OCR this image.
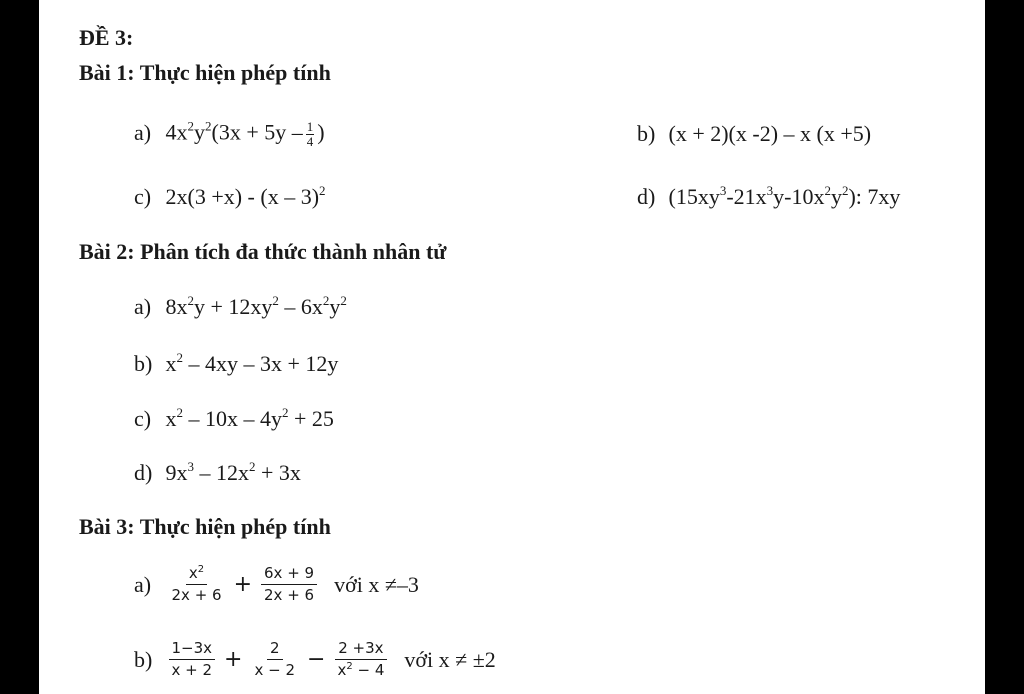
ĐỀ 3:
Bài 1: Thực hiện phép tính
a) $4x^2y^2(3x + 5y - \frac{1}{4}$ )	b) (x + 2)(x -2) – x (x +5)
c) 2x(3 +x) - (x – 3)$^2$	d) $(15xy^3-21x^3y-10x^2y^2)$: 7xy
Bài 2: Phân tích đa thức thành nhân tử
a) $8x^2y + 12xy^2 - 6x^2y^2$
b) $x^2 - 4xy - 3x + 12y$
c) $x^2 - 10x - 4y^2 + 25$
d) $9x^3 - 12x^2 + 3x$
Bài 3: Thực hiện phép tính
$a) \frac{x^2}{2x + 6} + \frac{6x + 9}{2x + 6}$ với x ≠–3
$b) \frac{1-3x}{x + 2} + \frac{2}{x - 2} - \frac{2 +3x}{x^2 - 4}$ với x ≠ ±2
